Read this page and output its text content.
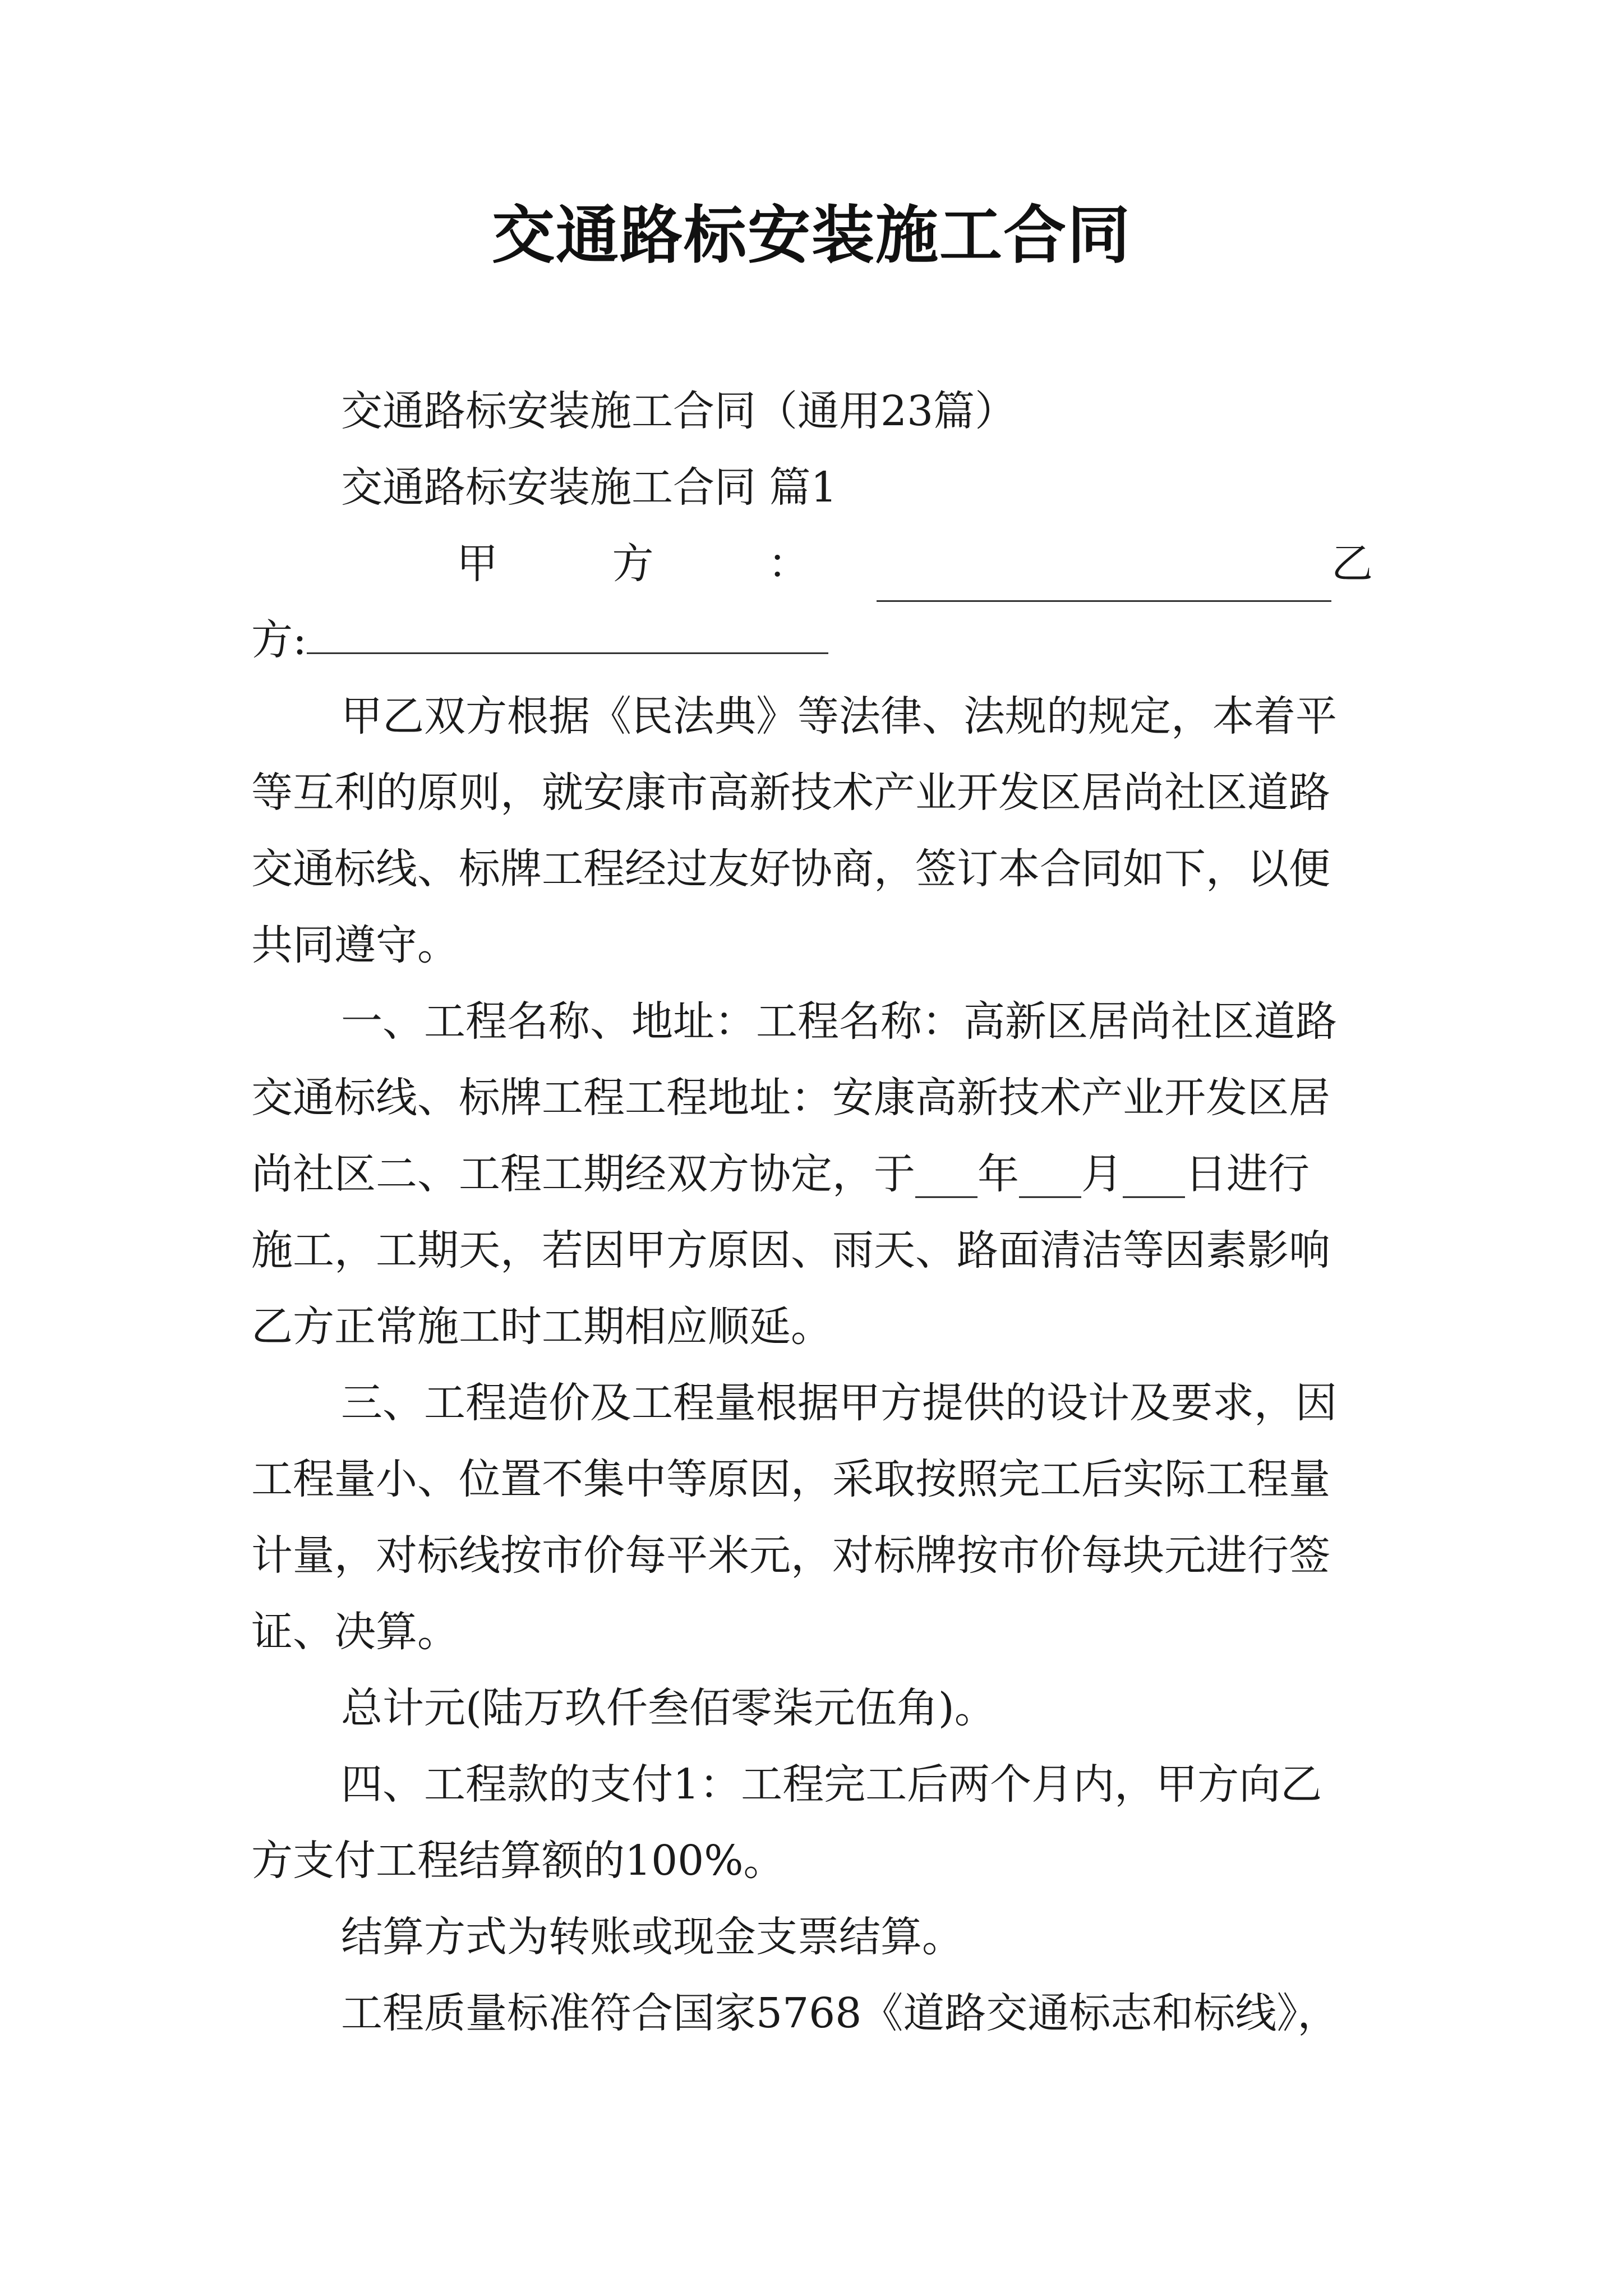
交通路标安装施工合同
交通路标安装施工合同（通用23篇）
交通路标安装施工合同 篇1
甲 方 ：	乙
方:
甲乙双方根据《民法典》等法律、法规的规定，本着平
等互利的原则，就安康市高新技术产业开发区居尚社区道路
交通标线、标牌工程经过友好协商，签订本合同如下，以便
共同遵守。
一、工程名称、地址：工程名称：高新区居尚社区道路
交通标线、标牌工程工程地址：安康高新技术产业开发区居
尚社区二、工程工期经双方协定，于___年___月___日进行
施工，工期天，若因甲方原因、雨天、路面清洁等因素影响
乙方正常施工时工期相应顺延。
三、工程造价及工程量根据甲方提供的设计及要求，因
工程量小、位置不集中等原因，采取按照完工后实际工程量
计量，对标线按市价每平米元，对标牌按市价每块元进行签
证、决算。
总计元(陆万玖仟叁佰零柒元伍角)。
四、工程款的支付1：工程完工后两个月内，甲方向乙
方支付工程结算额的100%。
结算方式为转账或现金支票结算。
工程质量标准符合国家5768《道路交通标志和标线》，
